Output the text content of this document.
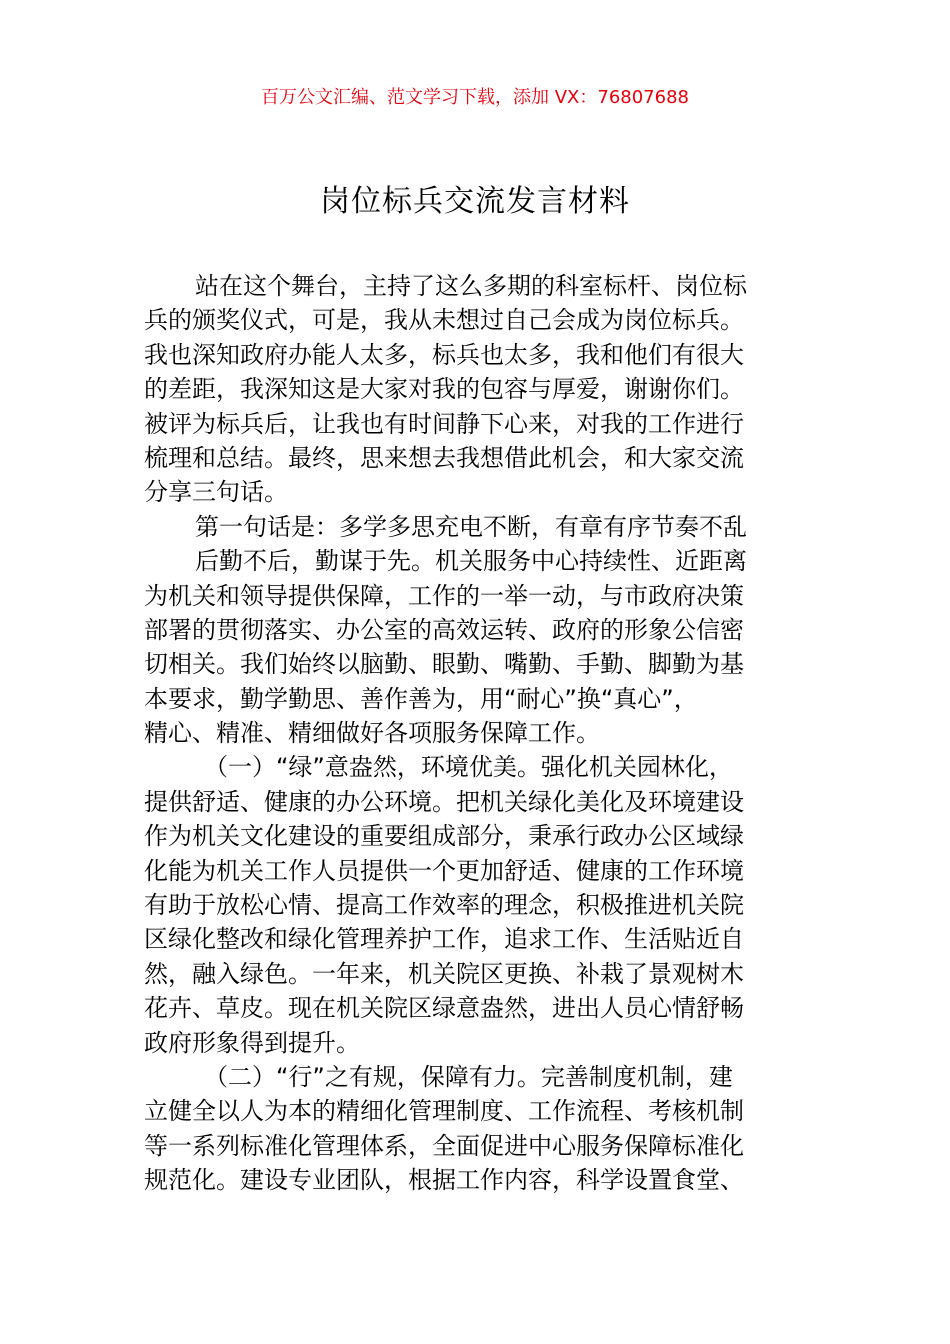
百万公文汇编、范文学习下载，添加 VX：76807688
岗位标兵交流发言材料
站在这个舞台，主持了这么多期的科室标杆、岗位标
兵的颁奖仪式，可是，我从未想过自己会成为岗位标兵。
我也深知政府办能人太多，标兵也太多，我和他们有很大
的差距，我深知这是大家对我的包容与厚爱，谢谢你们。
被评为标兵后，让我也有时间静下心来，对我的工作进行
梳理和总结。最终，思来想去我想借此机会，和大家交流
分享三句话。
第一句话是：多学多思充电不断，有章有序节奏不乱
后勤不后，勤谋于先。机关服务中心持续性、近距离
为机关和领导提供保障，工作的一举一动，与市政府决策
部署的贯彻落实、办公室的高效运转、政府的形象公信密
切相关。我们始终以脑勤、眼勤、嘴勤、手勤、脚勤为基
本要求，勤学勤思、善作善为，用“耐心”换“真心”，
精心、精准、精细做好各项服务保障工作。
（一）“绿”意盎然，环境优美。强化机关园林化，
提供舒适、健康的办公环境。把机关绿化美化及环境建设
作为机关文化建设的重要组成部分，秉承行政办公区域绿
化能为机关工作人员提供一个更加舒适、健康的工作环境
有助于放松心情、提高工作效率的理念，积极推进机关院
区绿化整改和绿化管理养护工作，追求工作、生活贴近自
然，融入绿色。一年来，机关院区更换、补栽了景观树木
花卉、草皮。现在机关院区绿意盎然，进出人员心情舒畅
政府形象得到提升。
（二）“行”之有规，保障有力。完善制度机制，建
立健全以人为本的精细化管理制度、工作流程、考核机制
等一系列标准化管理体系，全面促进中心服务保障标准化
规范化。建设专业团队，根据工作内容，科学设置食堂、
